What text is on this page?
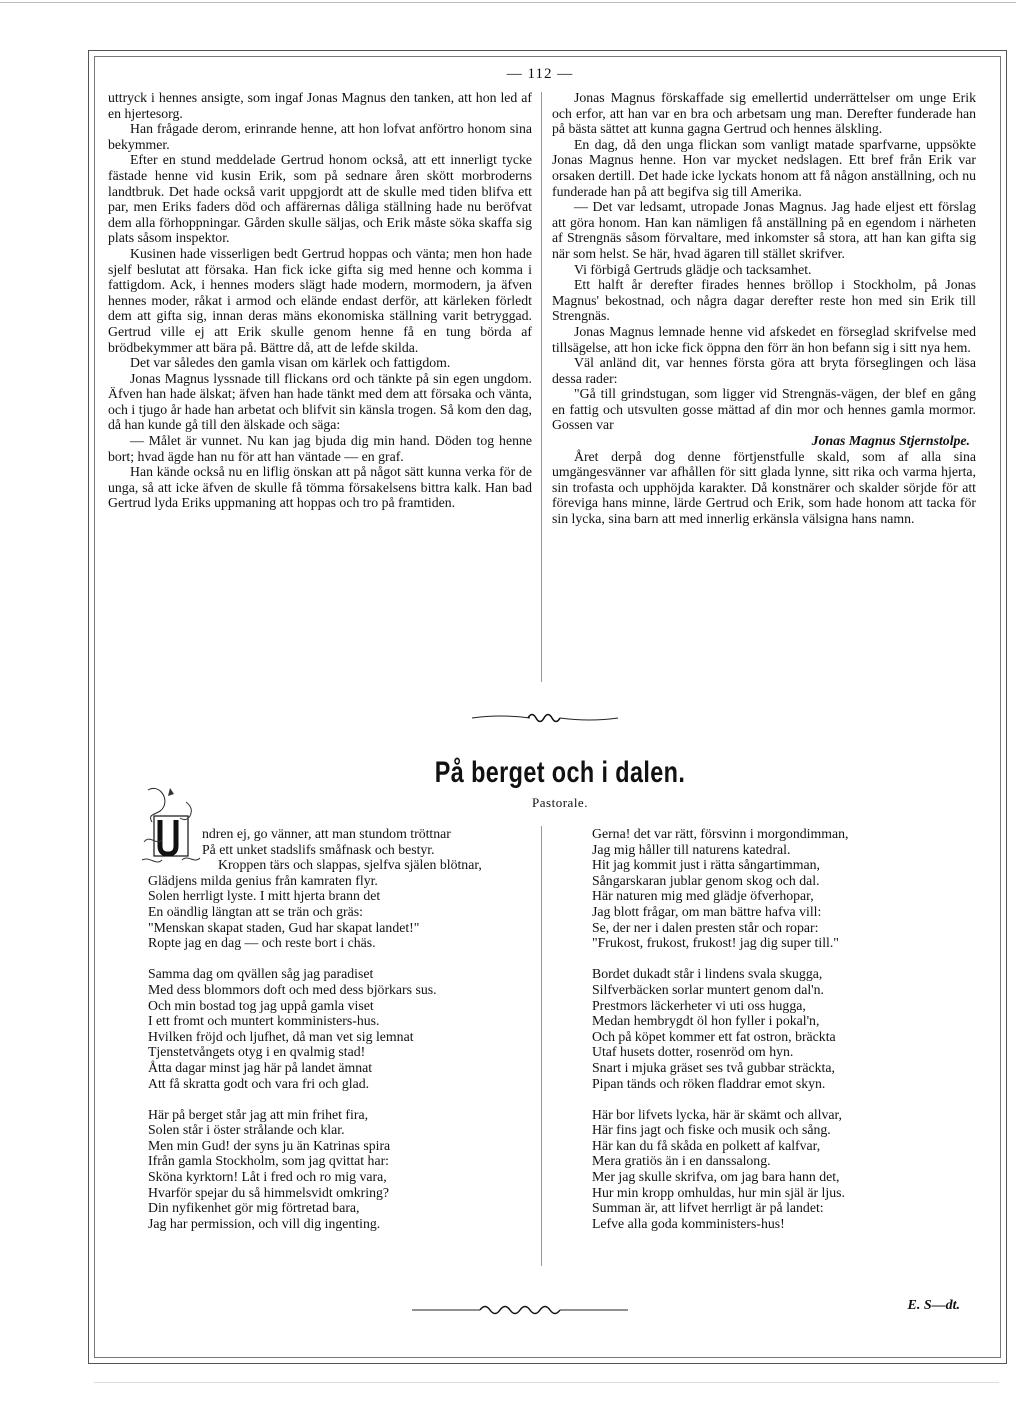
— 112 —

uttryck i hennes ansigte, som ingaf Jonas Magnus den tanken, att hon led af en hjertesorg.

Han frågade derom, erinrande henne, att hon lofvat anförtro honom sina bekymmer.

Efter en stund meddelade Gertrud honom också, att ett innerligt tycke fästade henne vid kusin Erik, som på sednare åren skött morbroderns landtbruk. Det hade också varit uppgjordt att de skulle med tiden blifva ett par, men Eriks faders död och affärernas dåliga ställning hade nu beröfvat dem alla förhoppningar. Gården skulle säljas, och Erik måste söka skaffa sig plats såsom inspektor.

Kusinen hade visserligen bedt Gertrud hoppas och vänta; men hon hade sjelf beslutat att försaka. Han fick icke gifta sig med henne och komma i fattigdom. Ack, i hennes moders slägt hade modern, mormodern, ja äfven hennes moder, råkat i armod och elände endast derför, att kärleken förledt dem att gifta sig, innan deras mäns ekonomiska ställning varit betryggad. Gertrud ville ej att Erik skulle genom henne få en tung börda af brödbekymmer att bära på. Bättre då, att de lefde skilda.

Det var således den gamla visan om kärlek och fattigdom.

Jonas Magnus lyssnade till flickans ord och tänkte på sin egen ungdom. Äfven han hade älskat; äfven han hade tänkt med dem att försaka och vänta, och i tjugo år hade han arbetat och blifvit sin känsla trogen. Så kom den dag, då han kunde gå till den älskade och säga:

— Målet är vunnet. Nu kan jag bjuda dig min hand. Döden tog henne bort; hvad ägde han nu för att han väntade — en graf.

Han kände också nu en liflig önskan att på något sätt kunna verka för de unga, så att icke äfven de skulle få tömma försakelsens bittra kalk. Han bad Gertrud lyda Eriks uppmaning att hoppas och tro på framtiden.

Jonas Magnus förskaffade sig emellertid underrättelser om unge Erik och erfor, att han var en bra och arbetsam ung man. Derefter funderade han på bästa sättet att kunna gagna Gertrud och hennes älskling.

En dag, då den unga flickan som vanligt matade sparfvarne, uppsökte Jonas Magnus henne. Hon var mycket nedslagen. Ett bref från Erik var orsaken dertill. Det hade icke lyckats honom att få någon anställning, och nu funderade han på att begifva sig till Amerika.

— Det var ledsamt, utropade Jonas Magnus. Jag hade eljest ett förslag att göra honom. Han kan nämligen få anställning på en egendom i närheten af Strengnäs såsom förvaltare, med inkomster så stora, att han kan gifta sig när som helst. Se här, hvad ägaren till stället skrifver.

Vi förbigå Gertruds glädje och tacksamhet.

Ett halft år derefter firades hennes bröllop i Stockholm, på Jonas Magnus' bekostnad, och några dagar derefter reste hon med sin Erik till Strengnäs.

Jonas Magnus lemnade henne vid afskedet en förseglad skrifvelse med tillsägelse, att hon icke fick öppna den förr än hon befann sig i sitt nya hem.

Väl anländ dit, var hennes första göra att bryta förseglingen och läsa dessa rader:

"Gå till grindstugan, som ligger vid Strengnäs-vägen, der blef en gång en fattig och utsvulten gosse mättad af din mor och hennes gamla mormor. Gossen var

Jonas Magnus Stjernstolpe.

Året derpå dog denne förtjenstfulle skald, som af alla sina umgängesvänner var afhållen för sitt glada lynne, sitt rika och varma hjerta, sin trofasta och upphöjda karakter. Då konstnärer och skalder sörjde för att föreviga hans minne, lärde Gertrud och Erik, som hade honom att tacka för sin lycka, sina barn att med innerlig erkänsla välsigna hans namn.

På berget och i dalen.
Pastorale.
ndren ej, go vänner, att man stundom tröttnar
På ett unket stadslifs småfnask och bestyr.
Kroppen tärs och slappas, sjelfva själen blötnar,
Glädjens milda genius från kamraten flyr.
Solen herrligt lyste. I mitt hjerta brann det
En oändlig längtan att se trän och gräs:
"Menskan skapat staden, Gud har skapat landet!"
Ropte jag en dag — och reste bort i chäs.
Samma dag om qvällen såg jag paradiset
Med dess blommors doft och med dess björkars sus.
Och min bostad tog jag uppå gamla viset
I ett fromt och muntert komministers-hus.
Hvilken fröjd och ljufhet, då man vet sig lemnat
Tjenstetvångets otyg i en qvalmig stad!
Åtta dagar minst jag här på landet ämnat
Att få skratta godt och vara fri och glad.
Här på berget står jag att min frihet fira,
Solen står i öster strålande och klar.
Men min Gud! der syns ju än Katrinas spira
Ifrån gamla Stockholm, som jag qvittat har:
Sköna kyrktorn! Låt i fred och ro mig vara,
Hvarför spejar du så himmelsvidt omkring?
Din nyfikenhet gör mig förtretad bara,
Jag har permission, och vill dig ingenting.
Gerna! det var rätt, försvinn i morgondimman,
Jag mig håller till naturens katedral.
Hit jag kommit just i rätta sångartimman,
Sångarskaran jublar genom skog och dal.
Här naturen mig med glädje öfverhopar,
Jag blott frågar, om man bättre hafva vill:
Se, der ner i dalen presten står och ropar:
"Frukost, frukost, frukost! jag dig super till."
Bordet dukadt står i lindens svala skugga,
Silfverbäcken sorlar muntert genom dal'n.
Prestmors läckerheter vi uti oss hugga,
Medan hembrygdt öl hon fyller i pokal'n,
Och på köpet kommer ett fat ostron, bräckta
Utaf husets dotter, rosenröd om hyn.
Snart i mjuka gräset ses två gubbar sträckta,
Pipan tänds och röken fladdrar emot skyn.
Här bor lifvets lycka, här är skämt och allvar,
Här fins jagt och fiske och musik och sång.
Här kan du få skåda en polkett af kalfvar,
Mera gratiös än i en danssalong.
Mer jag skulle skrifva, om jag bara hann det,
Hur min kropp omhuldas, hur min själ är ljus.
Summan är, att lifvet herrligt är på landet:
Lefve alla goda komministers-hus!
E. S—dt.
